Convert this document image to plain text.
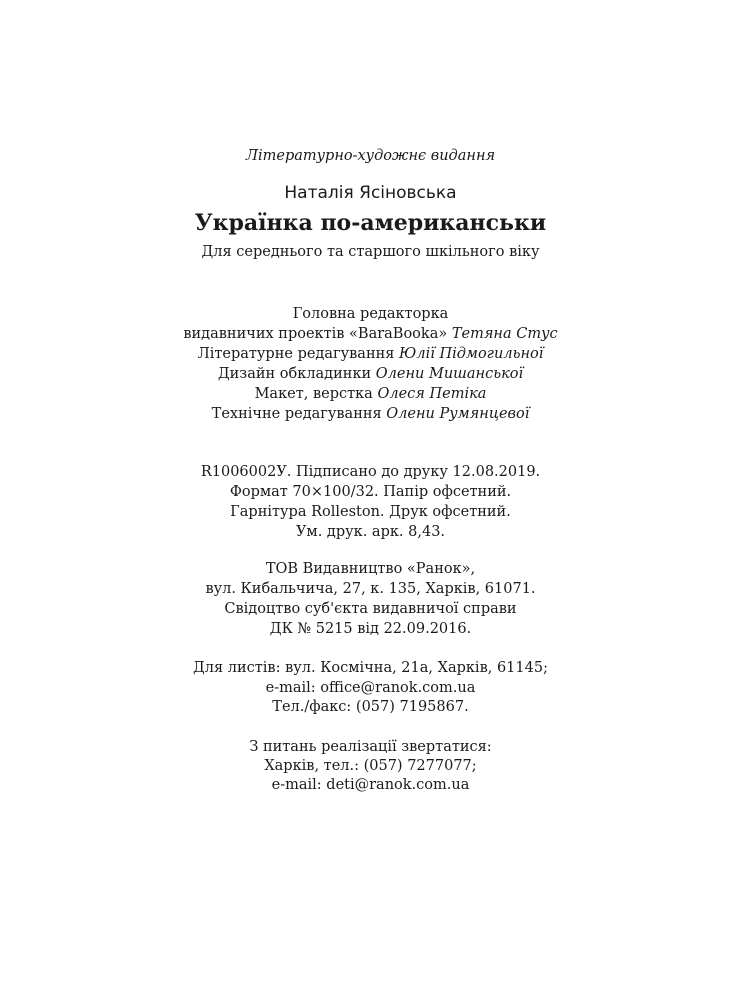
Літературно-художнє видання
Наталія Ясіновська
Українка по-американськи
Для середнього та старшого шкільного віку
Головна редакторка
видавничих проектів «BaraBooka» Тетяна Стус
Літературне редагування Юлії Підмогильної
Дизайн обкладинки Олени Мишанської
Макет, верстка Олеся Петіка
Технічне редагування Олени Румянцевої
R1006002У. Підписано до друку 12.08.2019.
Формат 70×100/32. Папір офсетний.
Гарнітура Rolleston. Друк офсетний.
Ум. друк. арк. 8,43.
ТОВ Видавництво «Ранок»,
вул. Кибальчича, 27, к. 135, Харків, 61071.
Свідоцтво суб'єкта видавничої справи
ДК № 5215 від 22.09.2016.
Для листів: вул. Космічна, 21а, Харків, 61145;
e-mail: office@ranok.com.ua
Тел./факс: (057) 7195867.
З питань реалізації звертатися:
Харків, тел.: (057) 7277077;
e-mail: deti@ranok.com.ua
